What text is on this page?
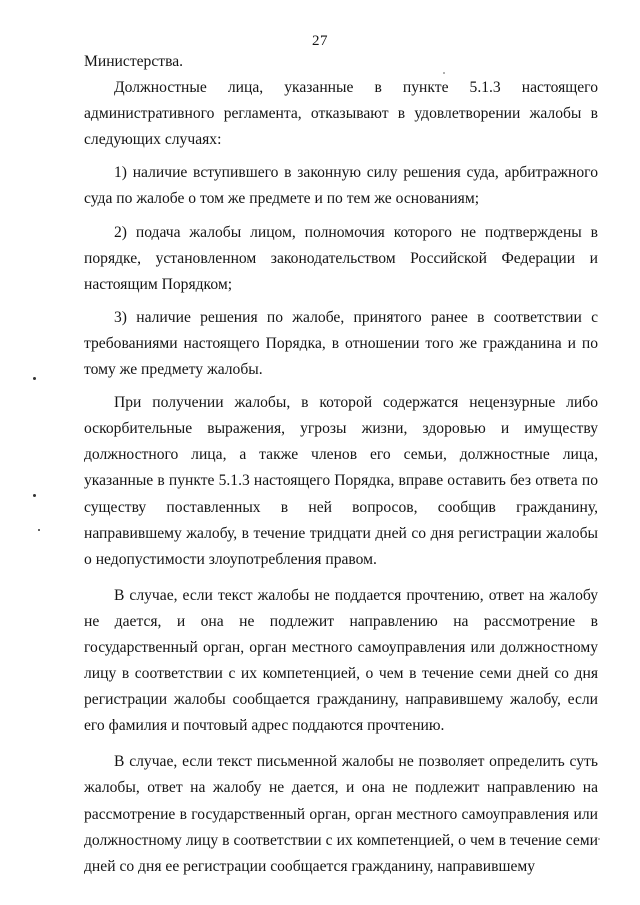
27

Министерства.

Должностные лица, указанные в пункте 5.1.3 настоящего административного регламента, отказывают в удовлетворении жалобы в следующих случаях:

1) наличие вступившего в законную силу решения суда, арбитражного суда по жалобе о том же предмете и по тем же основаниям;

2) подача жалобы лицом, полномочия которого не подтверждены в порядке, установленном законодательством Российской Федерации и настоящим Порядком;

3) наличие решения по жалобе, принятого ранее в соответствии с требованиями настоящего Порядка, в отношении того же гражданина и по тому же предмету жалобы.

При получении жалобы, в которой содержатся нецензурные либо оскорбительные выражения, угрозы жизни, здоровью и имуществу должностного лица, а также членов его семьи, должностные лица, указанные в пункте 5.1.3 настоящего Порядка, вправе оставить без ответа по существу поставленных в ней вопросов, сообщив гражданину, направившему жалобу, в течение тридцати дней со дня регистрации жалобы о недопустимости злоупотребления правом.

В случае, если текст жалобы не поддается прочтению, ответ на жалобу не дается, и она не подлежит направлению на рассмотрение в государственный орган, орган местного самоуправления или должностному лицу в соответствии с их компетенцией, о чем в течение семи дней со дня регистрации жалобы сообщается гражданину, направившему жалобу, если его фамилия и почтовый адрес поддаются прочтению.

В случае, если текст письменной жалобы не позволяет определить суть жалобы, ответ на жалобу не дается, и она не подлежит направлению на рассмотрение в государственный орган, орган местного самоуправления или должностному лицу в соответствии с их компетенцией, о чем в течение семи дней со дня ее регистрации сообщается гражданину, направившему
